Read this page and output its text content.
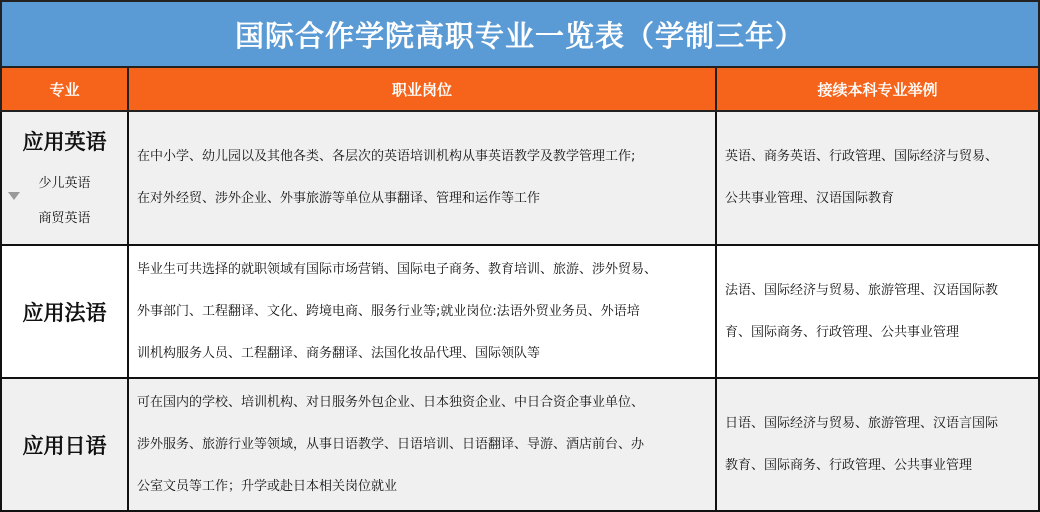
国际合作学院高职专业一览表（学制三年）
专业	职业岗位	接续本科专业举例
应用英语
少儿英语
商贸英语
在中小学、幼儿园以及其他各类、各层次的英语培训机构从事英语教学及教学管理工作;
在对外经贸、涉外企业、外事旅游等单位从事翻译、管理和运作等工作
英语、商务英语、行政管理、国际经济与贸易、
公共事业管理、汉语国际教育
应用法语
毕业生可共选择的就职领域有国际市场营销、国际电子商务、教育培训、旅游、涉外贸易、
外事部门、工程翻译、文化、跨境电商、服务行业等;就业岗位:法语外贸业务员、外语培
训机构服务人员、工程翻译、商务翻译、法国化妆品代理、国际领队等
法语、国际经济与贸易、旅游管理、汉语国际教
育、国际商务、行政管理、公共事业管理
应用日语
可在国内的学校、培训机构、对日服务外包企业、日本独资企业、中日合资企事业单位、
涉外服务、旅游行业等领域，从事日语教学、日语培训、日语翻译、导游、酒店前台、办
公室文员等工作；升学或赴日本相关岗位就业
日语、国际经济与贸易、旅游管理、汉语言国际
教育、国际商务、行政管理、公共事业管理
